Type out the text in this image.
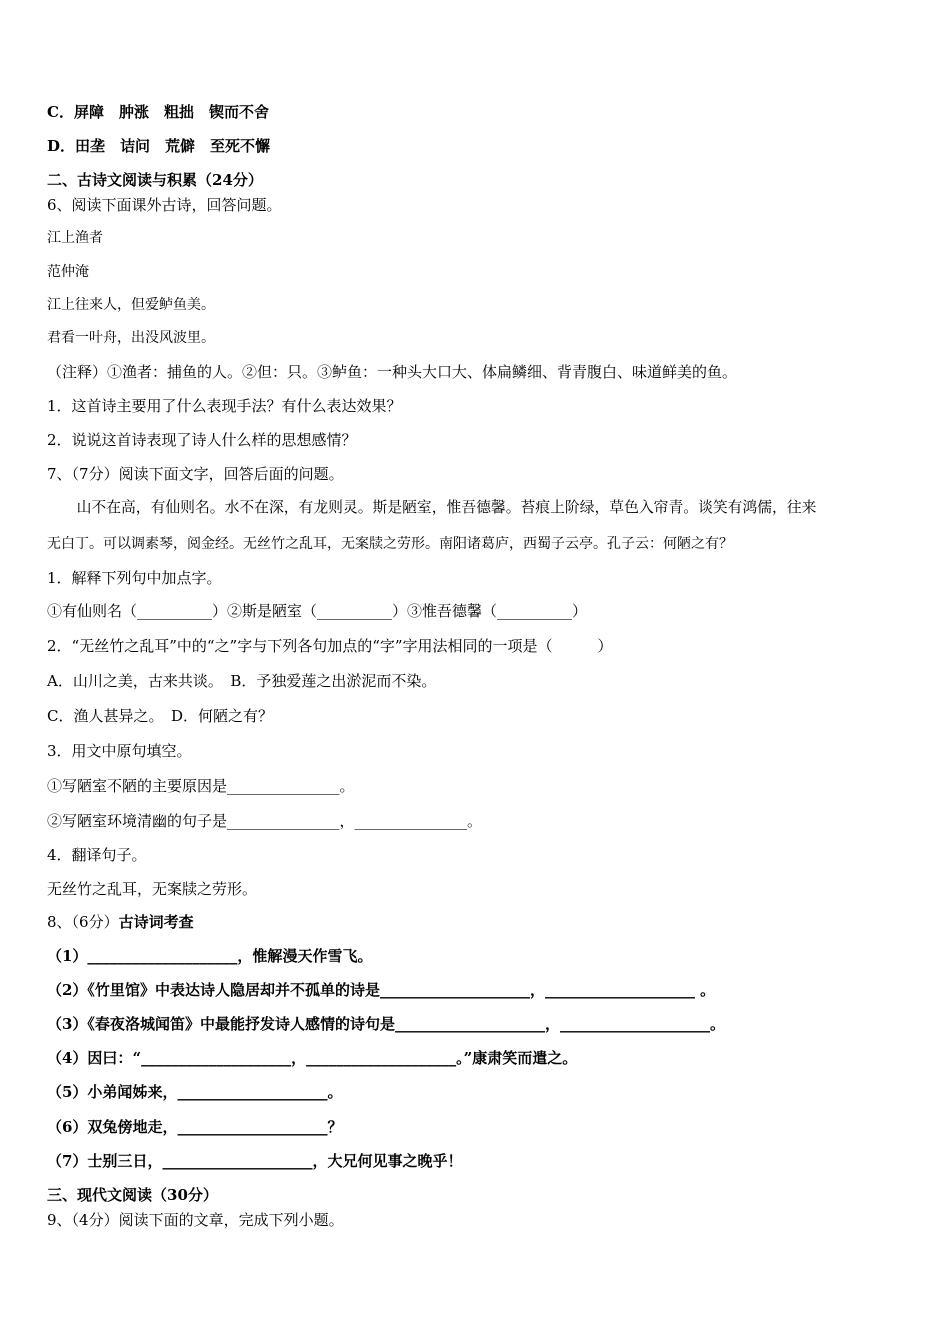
C．屏障　肿涨　粗拙　锲而不舍
D．田垄　诘问　荒僻　至死不懈
二、古诗文阅读与积累（24分）
6、阅读下面课外古诗，回答问题。
江上渔者
范仲淹
江上往来人，但爱鲈鱼美。
君看一叶舟，出没风波里。
（注释）①渔者：捕鱼的人。②但：只。③鲈鱼：一种头大口大、体扁鳞细、背青腹白、味道鲜美的鱼。
1．这首诗主要用了什么表现手法？有什么表达效果？
2．说说这首诗表现了诗人什么样的思想感情？
7、（7分）阅读下面文字，回答后面的问题。
　　山不在高，有仙则名。水不在深，有龙则灵。斯是陋室，惟吾德馨。苔痕上阶绿，草色入帘青。谈笑有鸿儒，往来
无白丁。可以调素琴，阅金经。无丝竹之乱耳，无案牍之劳形。南阳诸葛庐，西蜀子云亭。孔子云：何陋之有？
1．解释下列句中加点字。
①有仙则名（__________）②斯是陋室（__________）③惟吾德馨（__________）
2．“无丝竹之乱耳”中的“之”字与下列各句加点的“字”字用法相同的一项是（　　　）
A．山川之美，古来共谈。　B．予独爱莲之出淤泥而不染。
C．渔人甚异之。　D．何陋之有？
3．用文中原句填空。
①写陋室不陋的主要原因是_______________。
②写陋室环境清幽的句子是_______________，_______________。
4．翻译句子。
无丝竹之乱耳，无案牍之劳形。
8、（6分）古诗词考查
（1）____________________，惟解漫天作雪飞。
（2）《竹里馆》中表达诗人隐居却并不孤单的诗是____________________，____________________ 。
（3）《春夜洛城闻笛》中最能抒发诗人感情的诗句是____________________，____________________。
（4）因曰：“____________________，____________________。”康肃笑而遣之。
（5）小弟闻姊来，____________________。
（6）双兔傍地走，____________________？
（7）士别三日，____________________，大兄何见事之晚乎！
三、现代文阅读（30分）
9、（4分）阅读下面的文章，完成下列小题。
